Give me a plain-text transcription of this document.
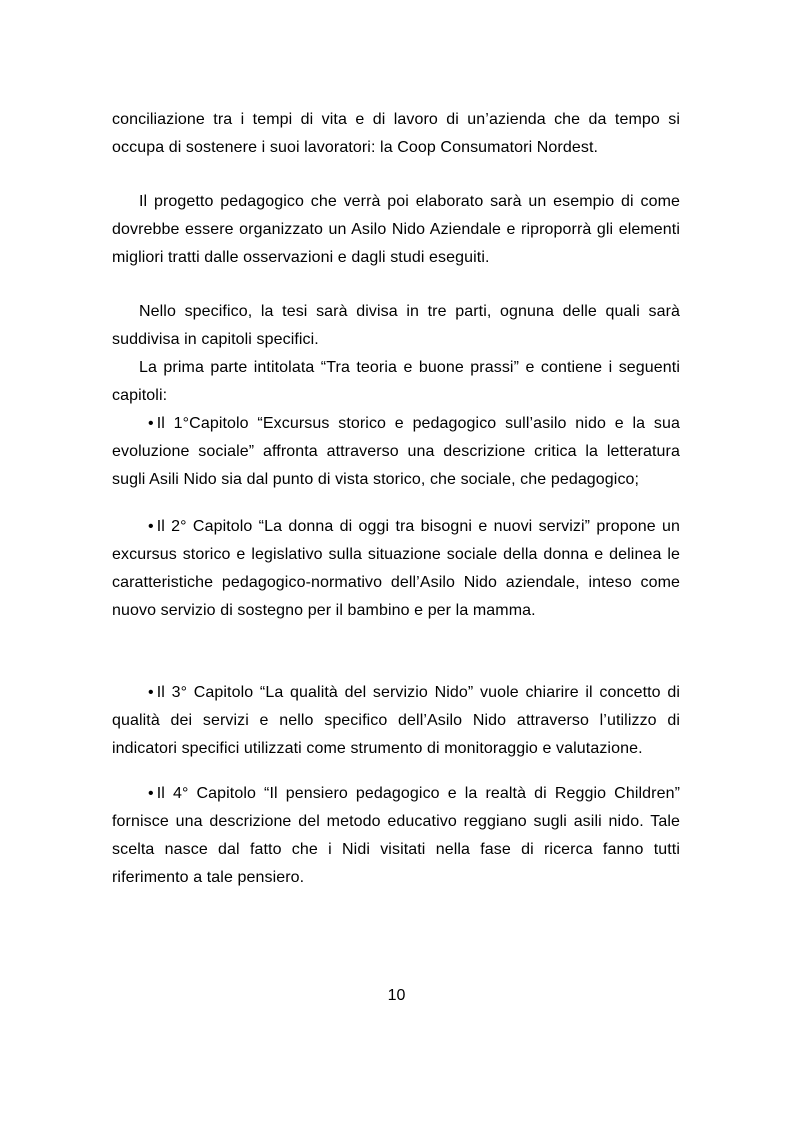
conciliazione tra i tempi di vita e di lavoro di un’azienda che da tempo si occupa di sostenere i suoi lavoratori: la Coop Consumatori Nordest.

Il progetto pedagogico che verrà poi elaborato sarà un esempio di come dovrebbe essere organizzato un Asilo Nido Aziendale e riproporrà gli elementi migliori tratti dalle osservazioni e dagli studi eseguiti.

Nello specifico, la tesi sarà divisa in tre parti, ognuna delle quali sarà suddivisa in capitoli specifici.

La prima parte intitolata “Tra teoria e buone prassi” e contiene i seguenti capitoli:

• Il 1°Capitolo “Excursus storico e pedagogico sull’asilo nido e la sua evoluzione sociale” affronta attraverso una descrizione critica la letteratura sugli Asili Nido sia dal punto di vista storico, che sociale, che pedagogico;

• Il 2° Capitolo “La donna di oggi tra bisogni e nuovi servizi” propone un excursus storico e legislativo sulla situazione sociale della donna e delinea le caratteristiche pedagogico-normativo dell’Asilo Nido aziendale, inteso come nuovo servizio di sostegno per il bambino e per la mamma.

• Il 3° Capitolo “La qualità del servizio Nido” vuole chiarire il concetto di qualità dei servizi e nello specifico dell’Asilo Nido attraverso l’utilizzo di indicatori specifici utilizzati come strumento di monitoraggio e valutazione.

• Il 4° Capitolo “Il pensiero pedagogico e la realtà di Reggio Children” fornisce una descrizione del metodo educativo reggiano sugli asili nido. Tale scelta nasce dal fatto che i Nidi visitati nella fase di ricerca fanno tutti riferimento a tale pensiero.

10
